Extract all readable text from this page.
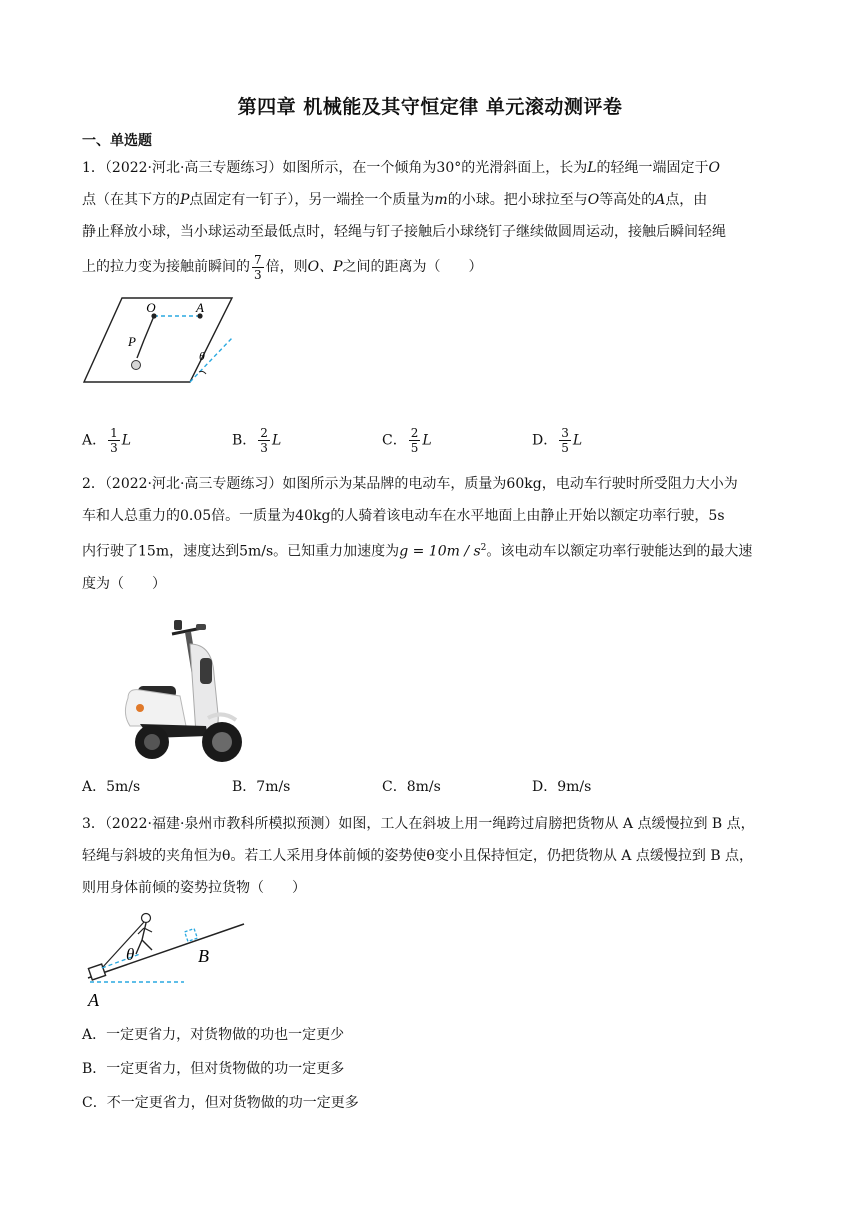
第四章 机械能及其守恒定律 单元滚动测评卷
一、单选题
1．（2022·河北·高三专题练习）如图所示，在一个倾角为30°的光滑斜面上，长为L的轻绳一端固定于O
点（在其下方的P点固定有一钉子），另一端拴一个质量为m的小球。把小球拉至与O等高处的A点，由
静止释放小球，当小球运动至最低点时，轻绳与钉子接触后小球绕钉子继续做圆周运动，接触后瞬间轻绳
上的拉力变为接触前瞬间的 $\frac{7}{3}$ 倍，则O、P之间的距离为（　　）
O	A
P
θ
A． $\frac{1}{3}$ L	B． $\frac{2}{3}$ L	C． $\frac{2}{5}$ L	D． $\frac{3}{5}$ L
2．（2022·河北·高三专题练习）如图所示为某品牌的电动车，质量为60kg，电动车行驶时所受阻力大小为
车和人总重力的0.05倍。一质量为40kg的人骑着该电动车在水平地面上由静止开始以额定功率行驶，5s
内行驶了15m，速度达到5m/s。已知重力加速度为$g = 10m / s^2$。该电动车以额定功率行驶能达到的最大速
度为（　　）
A．5m/s	B．7m/s	C．8m/s	D．9m/s
3．（2022·福建·泉州市教科所模拟预测）如图，工人在斜坡上用一绳跨过肩膀把货物从 A 点缓慢拉到 B 点，
轻绳与斜坡的夹角恒为θ。若工人采用身体前倾的姿势使θ变小且保持恒定，仍把货物从 A 点缓慢拉到 B 点，
则用身体前倾的姿势拉货物（　　）
θ	B
A
A．一定更省力，对货物做的功也一定更少
B．一定更省力，但对货物做的功一定更多
C．不一定更省力，但对货物做的功一定更多
